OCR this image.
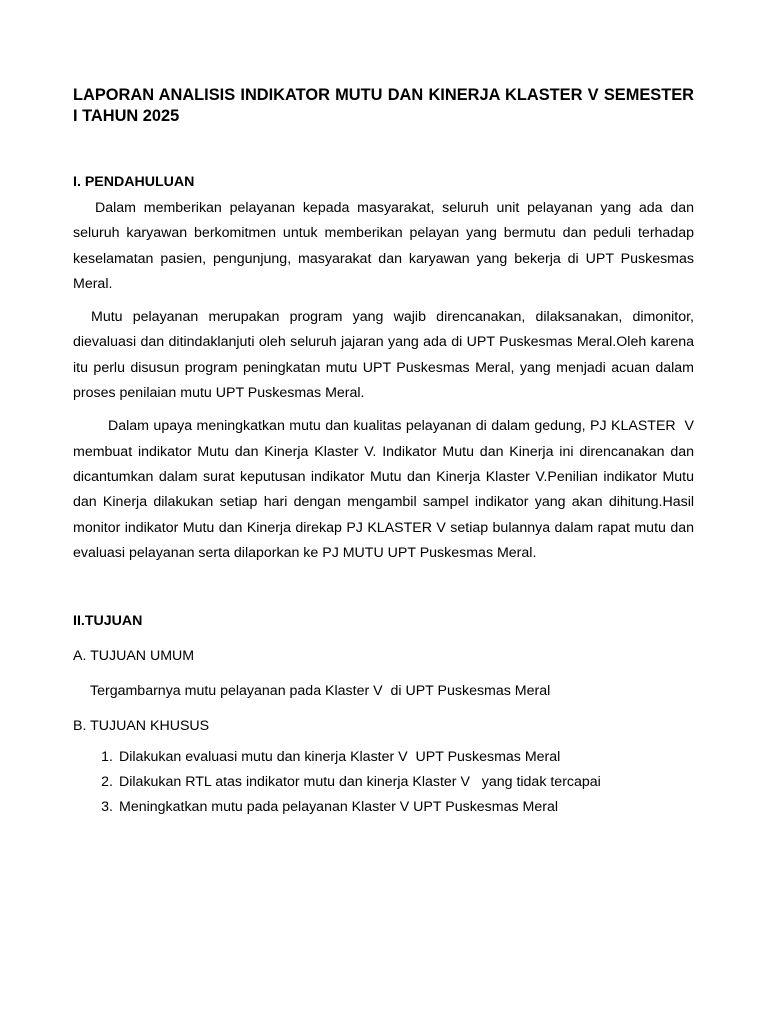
LAPORAN ANALISIS INDIKATOR MUTU DAN KINERJA KLASTER V SEMESTER I TAHUN 2025
I. PENDAHULUAN

Dalam memberikan pelayanan kepada masyarakat, seluruh unit pelayanan yang ada dan seluruh karyawan berkomitmen untuk memberikan pelayan yang bermutu dan peduli terhadap keselamatan pasien, pengunjung, masyarakat dan karyawan yang bekerja di UPT Puskesmas Meral.

Mutu pelayanan merupakan program yang wajib direncanakan, dilaksanakan, dimonitor, dievaluasi dan ditindaklanjuti oleh seluruh jajaran yang ada di UPT Puskesmas Meral.Oleh karena itu perlu disusun program peningkatan mutu UPT Puskesmas Meral, yang menjadi acuan dalam proses penilaian mutu UPT Puskesmas Meral.

Dalam upaya meningkatkan mutu dan kualitas pelayanan di dalam gedung, PJ KLASTER  V membuat indikator Mutu dan Kinerja Klaster V. Indikator Mutu dan Kinerja ini direncanakan dan dicantumkan dalam surat keputusan indikator Mutu dan Kinerja Klaster V.Penilian indikator Mutu dan Kinerja dilakukan setiap hari dengan mengambil sampel indikator yang akan dihitung.Hasil monitor indikator Mutu dan Kinerja direkap PJ KLASTER V setiap bulannya dalam rapat mutu dan evaluasi pelayanan serta dilaporkan ke PJ MUTU UPT Puskesmas Meral.

II.TUJUAN

A. TUJUAN UMUM

Tergambarnya mutu pelayanan pada Klaster V  di UPT Puskesmas Meral

B. TUJUAN KHUSUS

1. Dilakukan evaluasi mutu dan kinerja Klaster V  UPT Puskesmas Meral
2. Dilakukan RTL atas indikator mutu dan kinerja Klaster V   yang tidak tercapai
3. Meningkatkan mutu pada pelayanan Klaster V UPT Puskesmas Meral
